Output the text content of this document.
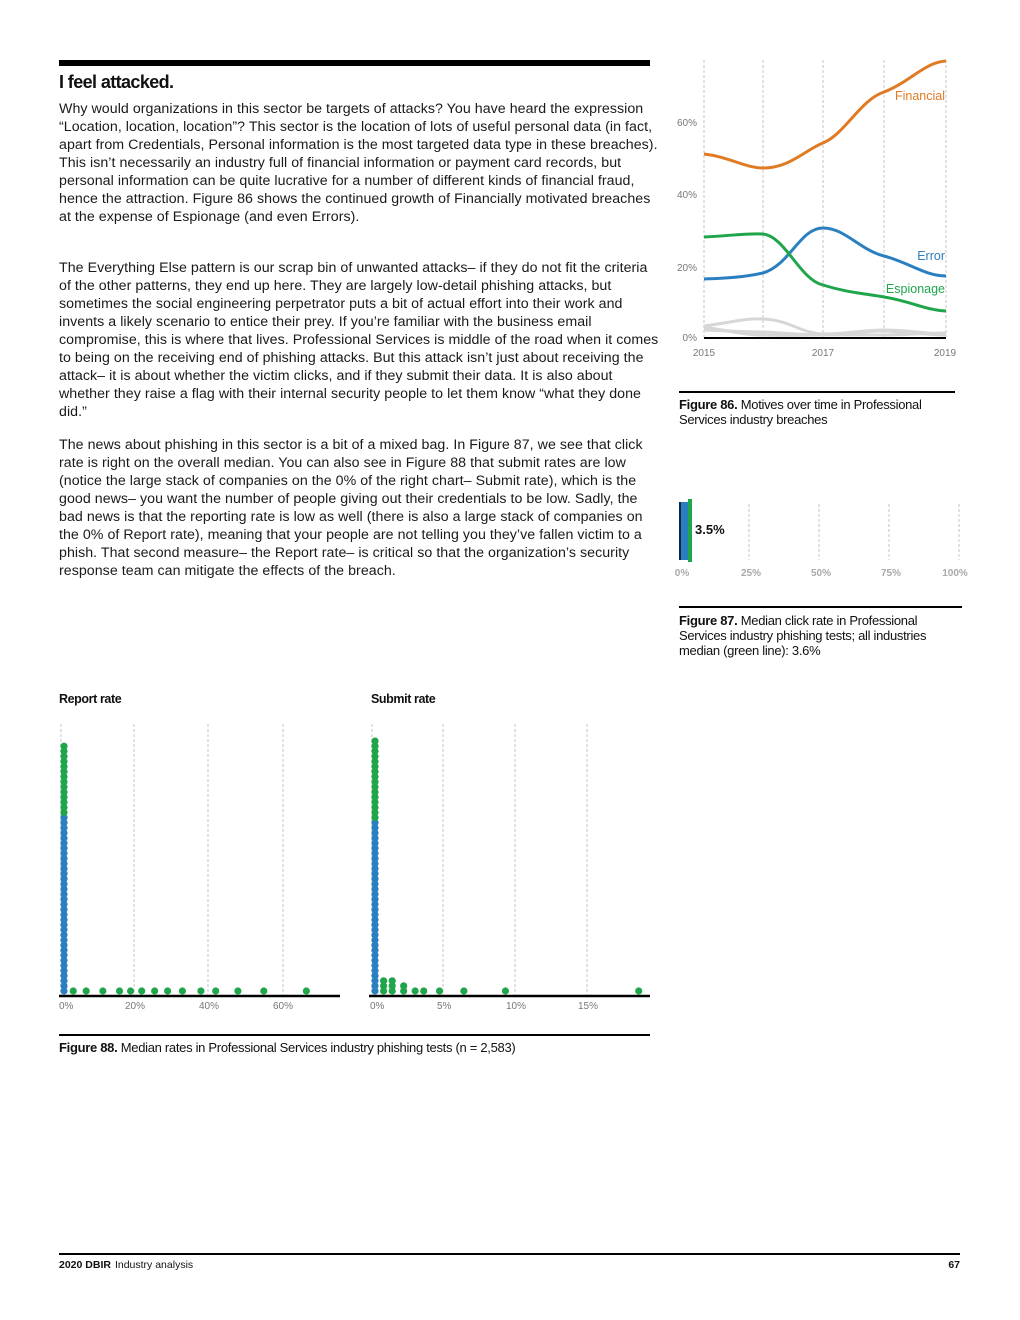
I feel attacked.

Why would organizations in this sector be targets of attacks? You have heard the expression “Location, location, location”? This sector is the location of lots of useful personal data (in fact, apart from Credentials, Personal information is the most targeted data type in these breaches). This isn’t necessarily an industry full of financial information or payment card records, but personal information can be quite lucrative for a number of different kinds of financial fraud, hence the attraction. Figure 86 shows the continued growth of Financially motivated breaches at the expense of Espionage (and even Errors).

The Everything Else pattern is our scrap bin of unwanted attacks– if they do not fit the criteria of the other patterns, they end up here. They are largely low-detail phishing attacks, but sometimes the social engineering perpetrator puts a bit of actual effort into their work and invents a likely scenario to entice their prey. If you’re familiar with the business email compromise, this is where that lives. Professional Services is middle of the road when it comes to being on the receiving end of phishing attacks. But this attack isn’t just about receiving the attack– it is about whether the victim clicks, and if they submit their data. It is also about whether they raise a flag with their internal security people to let them know “what they done did.”

The news about phishing in this sector is a bit of a mixed bag. In Figure 87, we see that click rate is right on the overall median. You can also see in Figure 88 that submit rates are low (notice the large stack of companies on the 0% of the right chart– Submit rate), which is the good news– you want the number of people giving out their credentials to be low. Sadly, the bad news is that the reporting rate is low as well (there is also a large stack of companies on the 0% of Report rate), meaning that your people are not telling you they’ve fallen victim to a phish. That second measure– the Report rate– is critical so that the organization’s security response team can mitigate the effects of the breach.

0%
20%
40%
60%
2015	2017	2019
Financial
Error
Espionage

Figure 86. Motives over time in Professional Services industry breaches

3.5%
0%	25%	50%	75%	100%

Figure 87. Median click rate in Professional Services industry phishing tests; all industries median (green line): 3.6%

Report rate	Submit rate
0%	20%	40%	60%	0%	5%	10%	15%

Figure 88. Median rates in Professional Services industry phishing tests (n = 2,583)

2020 DBIR Industry analysis	67
